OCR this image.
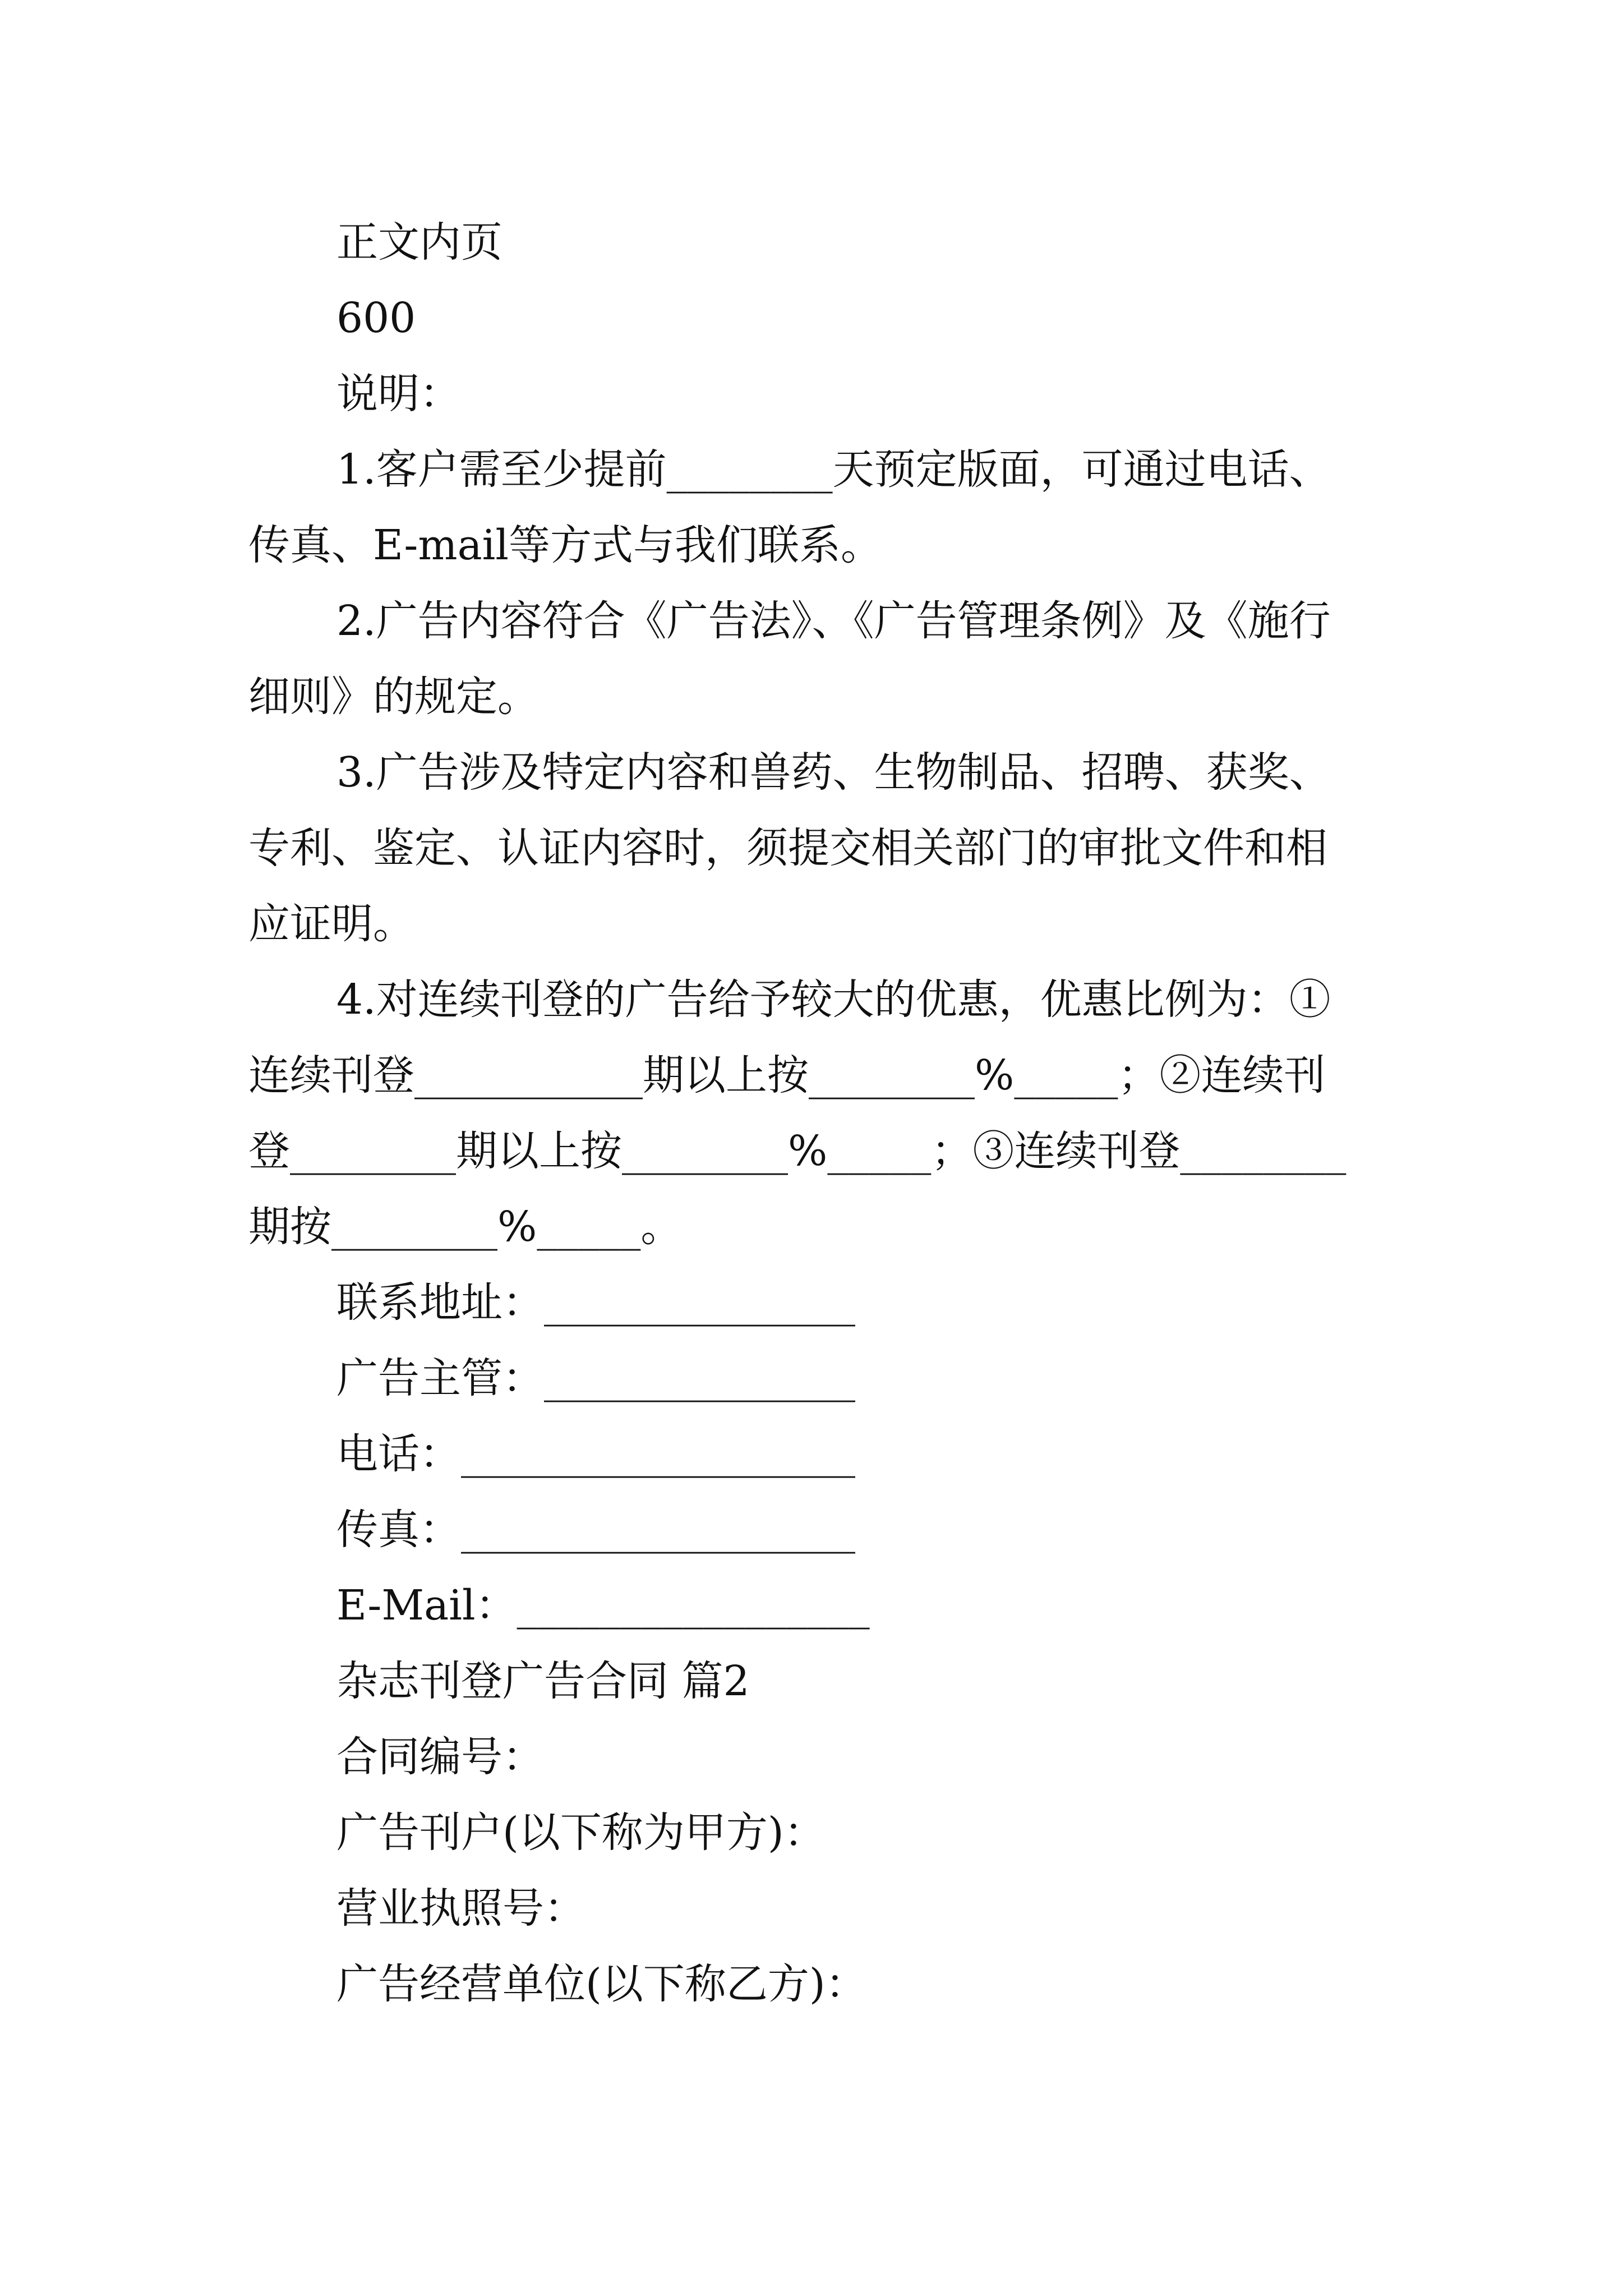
正文内页
600
说明：
1.客户需至少提前________天预定版面，可通过电话、
传真、E-mail等方式与我们联系。
2.广告内容符合《广告法》、《广告管理条例》及《施行
细则》的规定。
3.广告涉及特定内容和兽药、生物制品、招聘、获奖、
专利、鉴定、认证内容时，须提交相关部门的审批文件和相
应证明。
4.对连续刊登的广告给予较大的优惠，优惠比例为：①
连续刊登___________期以上按________%_____；②连续刊
登________期以上按________%_____；③连续刊登________
期按________%_____。
联系地址：_______________
广告主管：_______________
电话：___________________
传真：___________________
E-Mail：_________________
杂志刊登广告合同 篇2
合同编号：
广告刊户(以下称为甲方)：
营业执照号：
广告经营单位(以下称乙方)：
